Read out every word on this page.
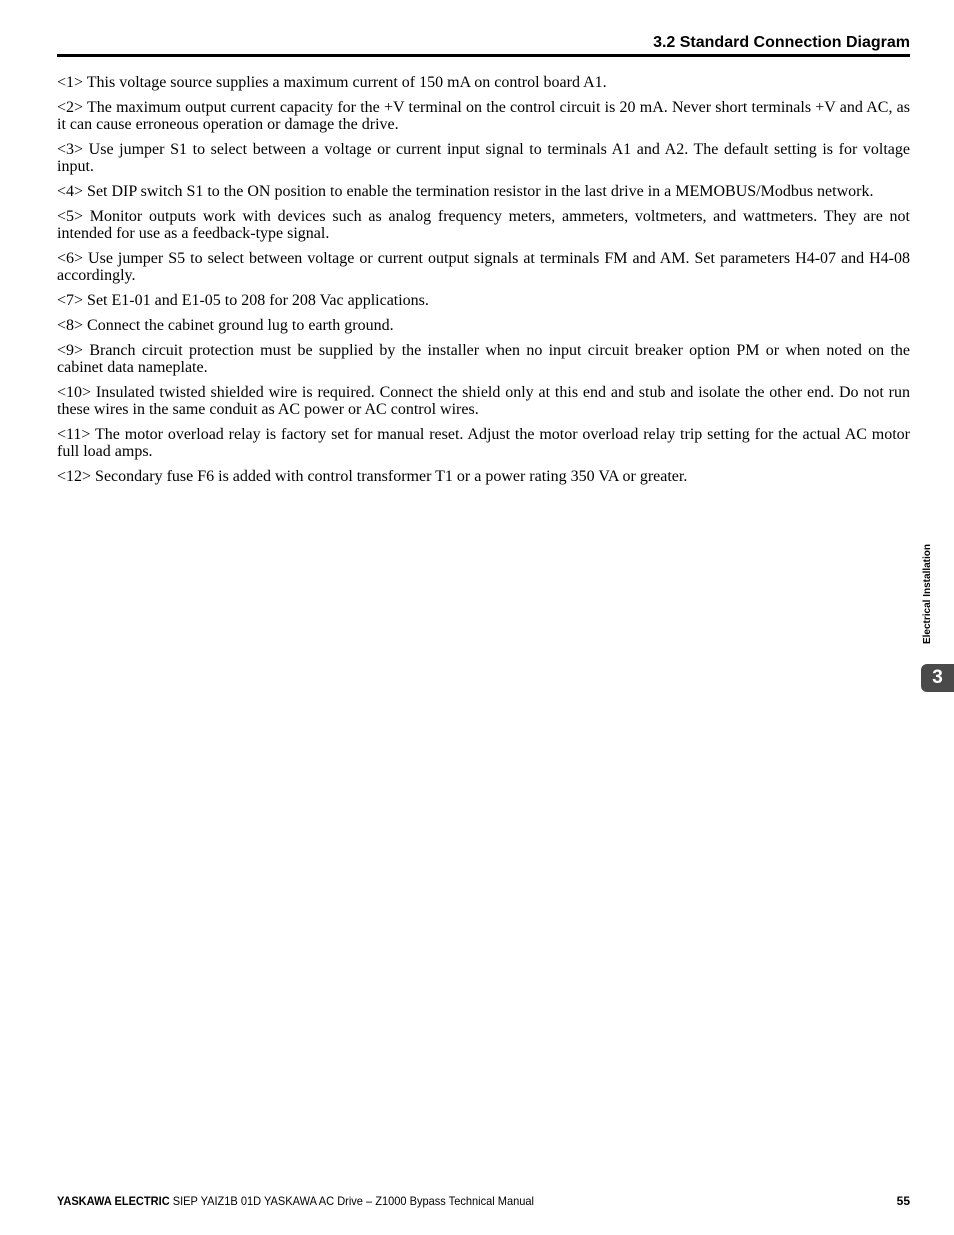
3.2 Standard Connection Diagram
<1> This voltage source supplies a maximum current of 150 mA on control board A1.
<2> The maximum output current capacity for the +V terminal on the control circuit is 20 mA. Never short terminals +V and AC, as it can cause erroneous operation or damage the drive.
<3> Use jumper S1 to select between a voltage or current input signal to terminals A1 and A2. The default setting is for voltage input.
<4> Set DIP switch S1 to the ON position to enable the termination resistor in the last drive in a MEMOBUS/Modbus network.
<5> Monitor outputs work with devices such as analog frequency meters, ammeters, voltmeters, and wattmeters. They are not intended for use as a feedback-type signal.
<6> Use jumper S5 to select between voltage or current output signals at terminals FM and AM. Set parameters H4-07 and H4-08 accordingly.
<7> Set E1-01 and E1-05 to 208 for 208 Vac applications.
<8> Connect the cabinet ground lug to earth ground.
<9> Branch circuit protection must be supplied by the installer when no input circuit breaker option PM or when noted on the cabinet data nameplate.
<10> Insulated twisted shielded wire is required. Connect the shield only at this end and stub and isolate the other end. Do not run these wires in the same conduit as AC power or AC control wires.
<11> The motor overload relay is factory set for manual reset. Adjust the motor overload relay trip setting for the actual AC motor full load amps.
<12> Secondary fuse F6 is added with control transformer T1 or a power rating 350 VA or greater.
Electrical Installation
3
YASKAWA ELECTRIC SIEP YAIZ1B 01D YASKAWA AC Drive – Z1000 Bypass Technical Manual	55
